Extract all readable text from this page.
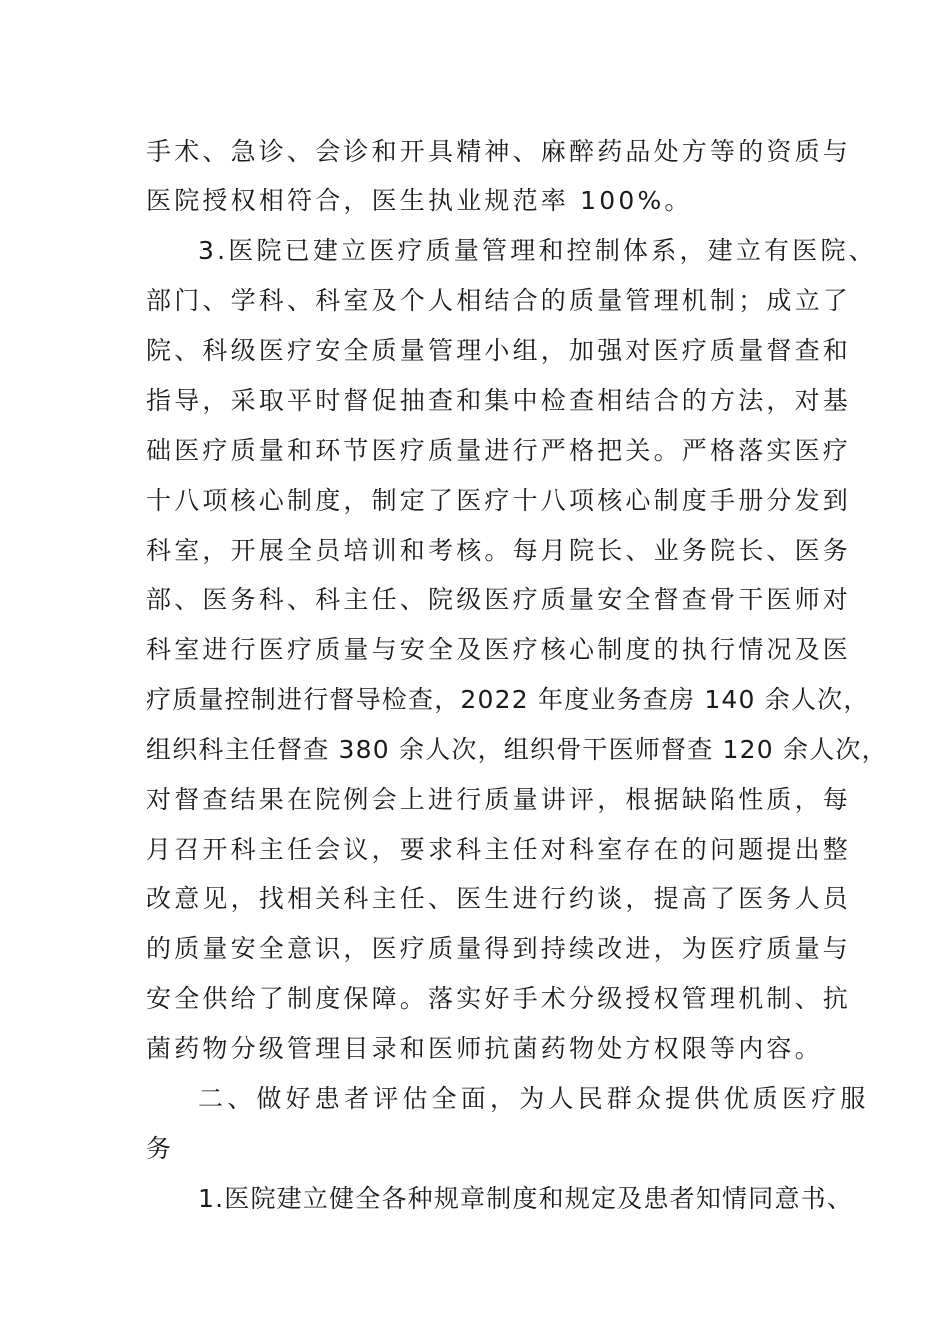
手术、急诊、会诊和开具精神、麻醉药品处方等的资质与
医院授权相符合，医生执业规范率 100%。
3.医院已建立医疗质量管理和控制体系，建立有医院、
部门、学科、科室及个人相结合的质量管理机制；成立了
院、科级医疗安全质量管理小组，加强对医疗质量督查和
指导，采取平时督促抽查和集中检查相结合的方法，对基
础医疗质量和环节医疗质量进行严格把关。严格落实医疗
十八项核心制度，制定了医疗十八项核心制度手册分发到
科室，开展全员培训和考核。每月院长、业务院长、医务
部、医务科、科主任、院级医疗质量安全督查骨干医师对
科室进行医疗质量与安全及医疗核心制度的执行情况及医
疗质量控制进行督导检查，2022 年度业务查房 140 余人次，
组织科主任督查 380 余人次，组织骨干医师督查 120 余人次，
对督查结果在院例会上进行质量讲评，根据缺陷性质，每
月召开科主任会议，要求科主任对科室存在的问题提出整
改意见，找相关科主任、医生进行约谈，提高了医务人员
的质量安全意识，医疗质量得到持续改进，为医疗质量与
安全供给了制度保障。落实好手术分级授权管理机制、抗
菌药物分级管理目录和医师抗菌药物处方权限等内容。
二、做好患者评估全面，为人民群众提供优质医疗服
务
1.医院建立健全各种规章制度和规定及患者知情同意书、
